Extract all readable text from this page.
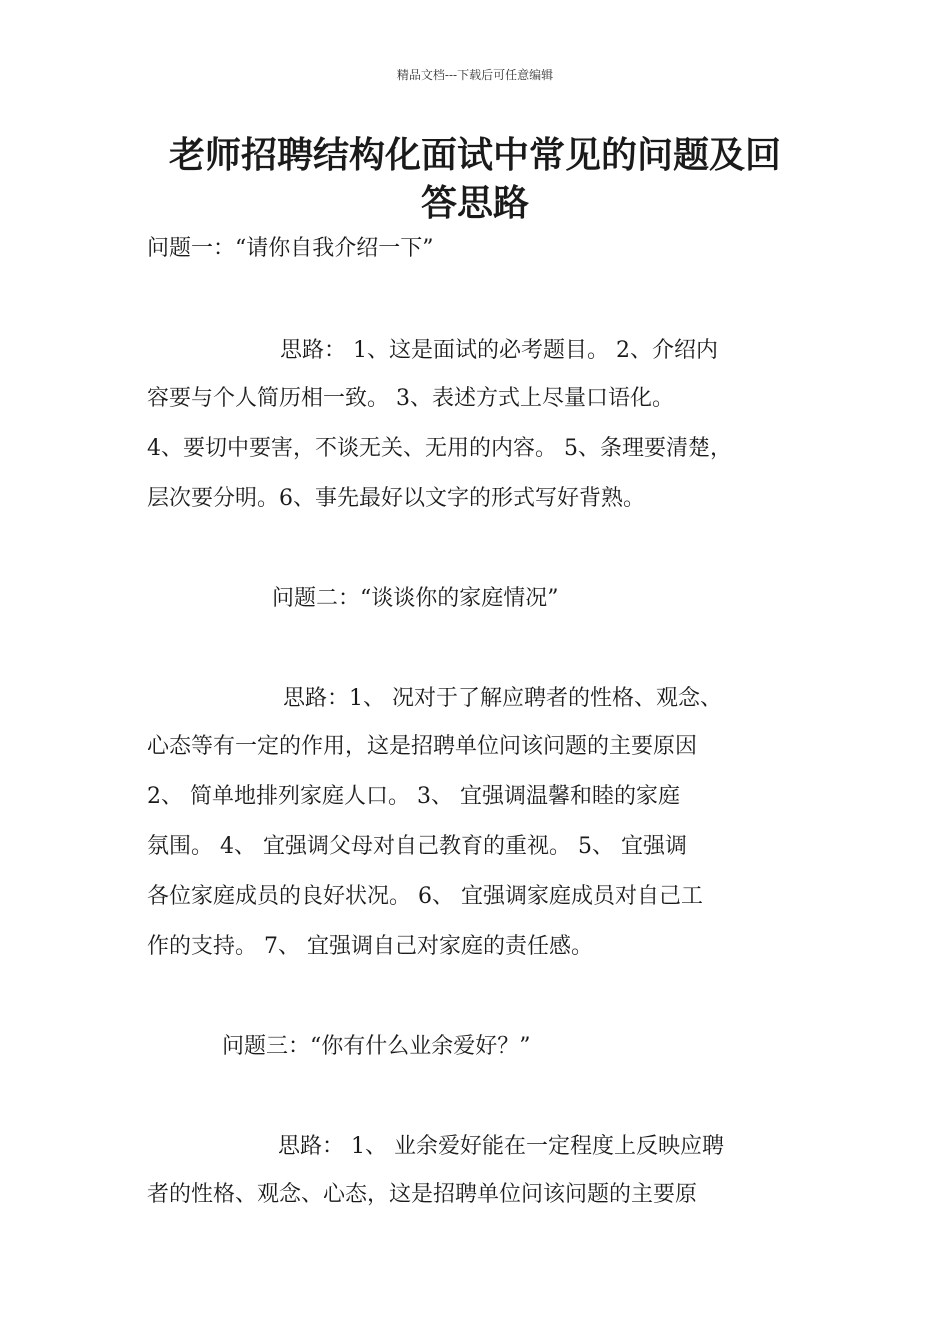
精品文档---下载后可任意编辑
老师招聘结构化面试中常见的问题及回
答思路
问题一：“请你自我介绍一下”
思路： 1、这是面试的必考题目。 2、介绍内
容要与个人简历相一致。 3、表述方式上尽量口语化。
4、要切中要害，不谈无关、无用的内容。 5、条理要清楚，
层次要分明。6、事先最好以文字的形式写好背熟。
问题二：“谈谈你的家庭情况”
思路：1、 况对于了解应聘者的性格、观念、
心态等有一定的作用，这是招聘单位问该问题的主要原因
2、 简单地排列家庭人口。 3、 宜强调温馨和睦的家庭
氛围。 4、 宜强调父母对自己教育的重视。 5、 宜强调
各位家庭成员的良好状况。 6、 宜强调家庭成员对自己工
作的支持。 7、 宜强调自己对家庭的责任感。
问题三：“你有什么业余爱好？”
思路： 1、 业余爱好能在一定程度上反映应聘
者的性格、观念、心态，这是招聘单位问该问题的主要原
